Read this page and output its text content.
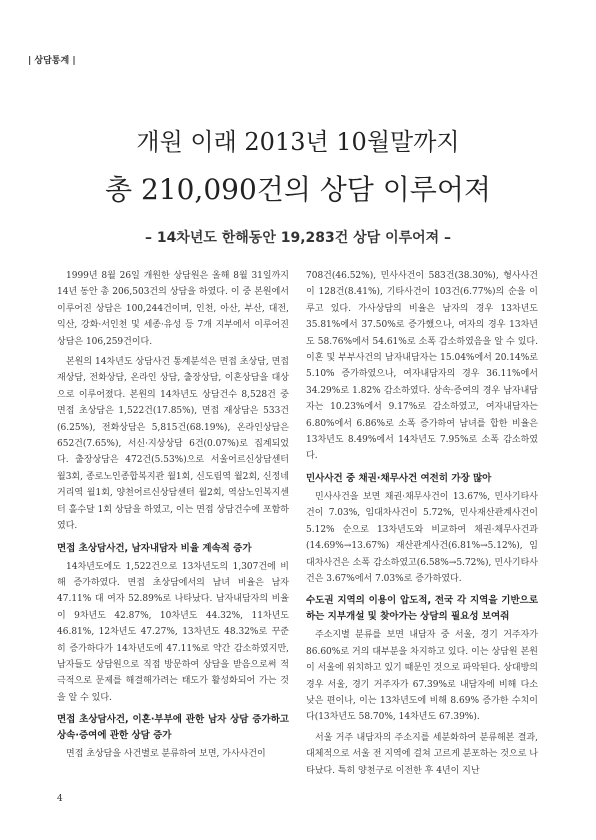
| 상담통계 |
개원 이래 2013년 10월말까지
총 210,090건의 상담 이루어져
– 14차년도 한해동안 19,283건 상담 이루어져 –

1999년 8월 26일 개원한 상담원은 올해 8월 31일까지 14년 동안 총 206,503건의 상담을 하였다. 이 중 본원에서 이루어진 상담은 100,244건이며, 인천, 아산, 부산, 대전, 익산, 강화·서인천 및 세종·유성 등 7개 지부에서 이루어진 상담은 106,259건이다.

본원의 14차년도 상담사건 통계분석은 면접 초상담, 면접 재상담, 전화상담, 온라인 상담, 출장상담, 이혼상담을 대상으로 이루어졌다. 본원의 14차년도 상담건수 8,528건 중 면접 초상담은 1,522건(17.85%), 면접 재상담은 533건(6.25%), 전화상담은 5,815건(68.19%), 온라인상담은 652건(7.65%), 서신·지상상담 6건(0.07%)로 집계되었다. 출장상담은 472건(5.53%)으로 서울어르신상담센터 월3회, 종로노인종합복지관 월1회, 신도림역 월2회, 신정네거리역 월1회, 양천어르신상담센터 월2회, 역삼노인복지센터 홀수달 1회 상담을 하였고, 이는 면접 상담건수에 포함하였다.

면접 초상담사건, 남자내담자 비율 계속적 증가

14차년도에도 1,522건으로 13차년도의 1,307건에 비해 증가하였다. 면접 초상담에서의 남녀 비율은 남자 47.11% 대 여자 52.89%로 나타났다. 남자내담자의 비율이 9차년도 42.87%, 10차년도 44.32%, 11차년도 46.81%, 12차년도 47.27%, 13차년도 48.32%로 꾸준히 증가하다가 14차년도에 47.11%로 약간 감소하였지만, 남자들도 상담원으로 직접 방문하여 상담을 받음으로써 적극적으로 문제를 해결해가려는 태도가 활성화되어 가는 것을 알 수 있다.

면접 초상담사건, 이혼·부부에 관한 남자 상담 증가하고 상속·증여에 관한 상담 증가

면접 초상담을 사건별로 분류하여 보면, 가사사건이

708건(46.52%), 민사사건이 583건(38.30%), 형사사건이 128건(8.41%), 기타사건이 103건(6.77%)의 순을 이루고 있다. 가사상담의 비율은 남자의 경우 13차년도 35.81%에서 37.50%로 증가했으나, 여자의 경우 13차년도 58.76%에서 54.61%로 소폭 감소하였음을 알 수 있다. 이혼 및 부부사건의 남자내담자는 15.04%에서 20.14%로 5.10% 증가하였으나, 여자내담자의 경우 36.11%에서 34.29%로 1.82% 감소하였다. 상속·증여의 경우 남자내담자는 10.23%에서 9.17%로 감소하였고, 여자내담자는 6.80%에서 6.86%로 소폭 증가하여 남녀를 합한 비율은 13차년도 8.49%에서 14차년도 7.95%로 소폭 감소하였다.

민사사건 중 채권·채무사건 여전히 가장 많아

민사사건을 보면 채권·채무사건이 13.67%, 민사기타사건이 7.03%, 임대차사건이 5.72%, 민사재산관계사건이 5.12% 순으로 13차년도와 비교하여 채권·채무사건과(14.69%→13.67%) 재산관계사건(6.81%→5.12%), 임대차사건은 소폭 감소하였고(6.58%→5.72%), 민사기타사건은 3.67%에서 7.03%로 증가하였다.

수도권 지역의 이용이 압도적, 전국 각 지역을 기반으로 하는 지부개설 및 찾아가는 상담의 필요성 보여줘

주소지별 분류를 보면 내담자 중 서울, 경기 거주자가 86.60%로 거의 대부분을 차지하고 있다. 이는 상담원 본원이 서울에 위치하고 있기 때문인 것으로 파악된다. 상대방의 경우 서울, 경기 거주자가 67.39%로 내담자에 비해 다소 낮은 편이나, 이는 13차년도에 비해 8.69% 증가한 수치이다(13차년도 58.70%, 14차년도 67.39%).

서울 거주 내담자의 주소지를 세분화하여 분류해본 결과, 대체적으로 서울 전 지역에 걸쳐 고르게 분포하는 것으로 나타났다. 특히 양천구로 이전한 후 4년이 지난

4
